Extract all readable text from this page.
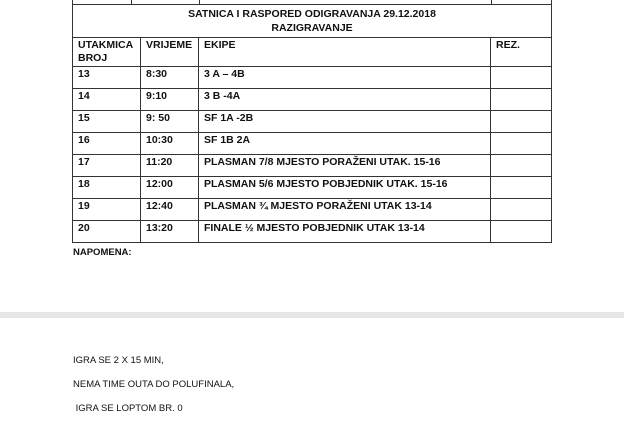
SATNICA I RASPORED ODIGRAVANJA 29.12.2018
RAZIGRAVANJE			

UTAKMICA BROJ	VRIJEME	EKIPE	REZ.
13	8:30	3 A – 4B	
14	9:10	3 B -4A	
15	9: 50	SF 1A -2B	
16	10:30	SF 1B 2A	
17	11:20	PLASMAN 7/8 MJESTO PORAŽENI UTAK. 15-16	
18	12:00	PLASMAN 5/6 MJESTO POBJEDNIK UTAK. 15-16	
19	12:40	PLASMAN ¾ MJESTO PORAŽENI UTAK 13-14	
20	13:20	FINALE ½ MJESTO POBJEDNIK UTAK 13-14	
NAPOMENA:
IGRA SE 2 X 15 MIN,
NEMA TIME OUTA DO POLUFINALA,
IGRA SE LOPTOM BR. 0
